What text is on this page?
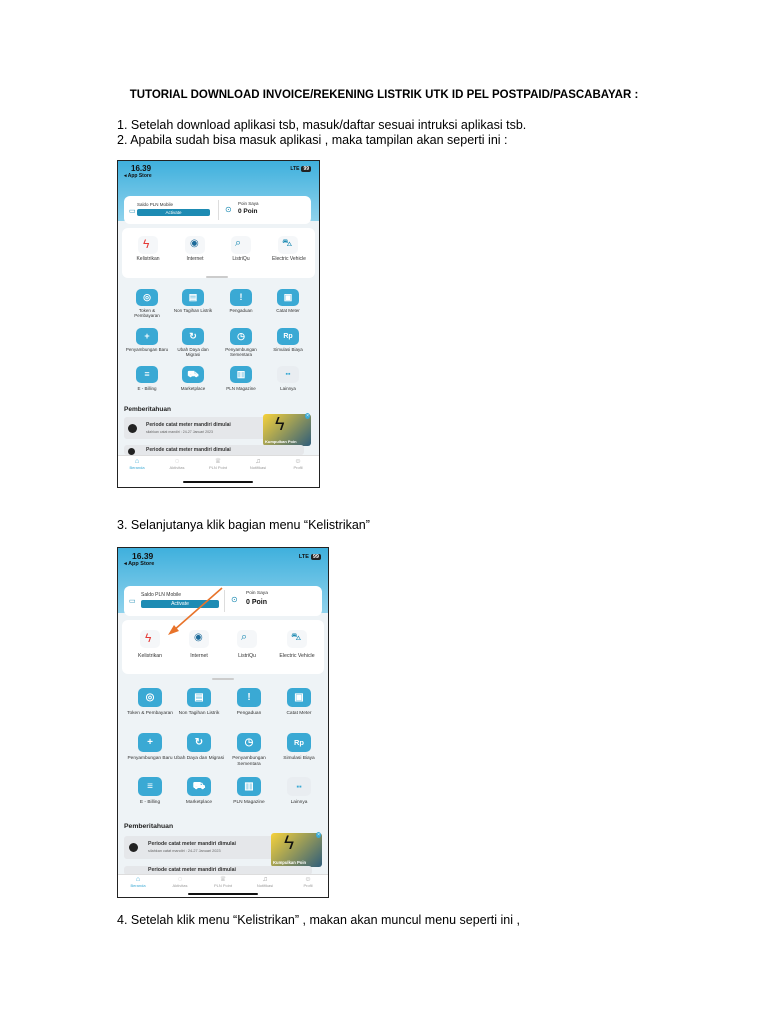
TUTORIAL DOWNLOAD INVOICE/REKENING LISTRIK UTK ID PEL POSTPAID/PASCABAYAR :
1. Setelah download aplikasi tsb, masuk/daftar sesuai intruksi aplikasi tsb.
2. Apabila sudah bisa masuk aplikasi , maka tampilan akan seperti ini :
16.39
◂ App Store
LTE 99
▭
Saldo PLN Mobile
Activate	⊙
Poin Saya
0 Poin
ϟ
Kelistrikan
◉
Internet
⌕
ListriQu
⛍
Electric Vehicle
◎
Token & Pembayaran
▤
Non Tagihan Listrik
!
Pengaduan
▣
Catat Meter
+
Penyambungan Baru
↻
Ubah Daya dan Migrasi
◷
Penyambungan Sementara
Rp
Simulasi Biaya
≡
E - Billing
⛟
Marketplace
▥
PLN Magazine
▪▪
Lainnya
Pemberitahuan
Periode catat meter mandiri dimulai
silahkan catat mandiri : 24-27 Januari 2023	ϟ
Kumpulkan Poin
×
Periode catat meter mandiri dimulai
⌂
Beranda
◌
Aktivitas
♕
PLN Point
♫
Notifikasi
☺
Profil
3. Selanjutanya klik bagian menu “Kelistrikan”
16.39
◂ App Store
LTE 99
▭
Saldo PLN Mobile
Activate	⊙
Poin Saya
0 Poin
ϟ
Kelistrikan
◉
Internet
⌕
ListriQu
⛍
Electric Vehicle
◎
Token & Pembayaran
▤
Non Tagihan Listrik
!
Pengaduan
▣
Catat Meter
+
Penyambungan Baru
↻
Ubah Daya dan Migrasi
◷
Penyambungan Sementara
Rp
Simulasi Biaya
≡
E - Billing
⛟
Marketplace
▥
PLN Magazine
▪▪
Lainnya
Pemberitahuan
Periode catat meter mandiri dimulai
silahkan catat mandiri : 24-27 Januari 2023	ϟ
Kumpulkan Poin
×
Periode catat meter mandiri dimulai
⌂
Beranda
◌
Aktivitas
♕
PLN Point
♫
Notifikasi
☺
Profil
4. Setelah klik menu “Kelistrikan” , makan akan muncul menu seperti ini ,
